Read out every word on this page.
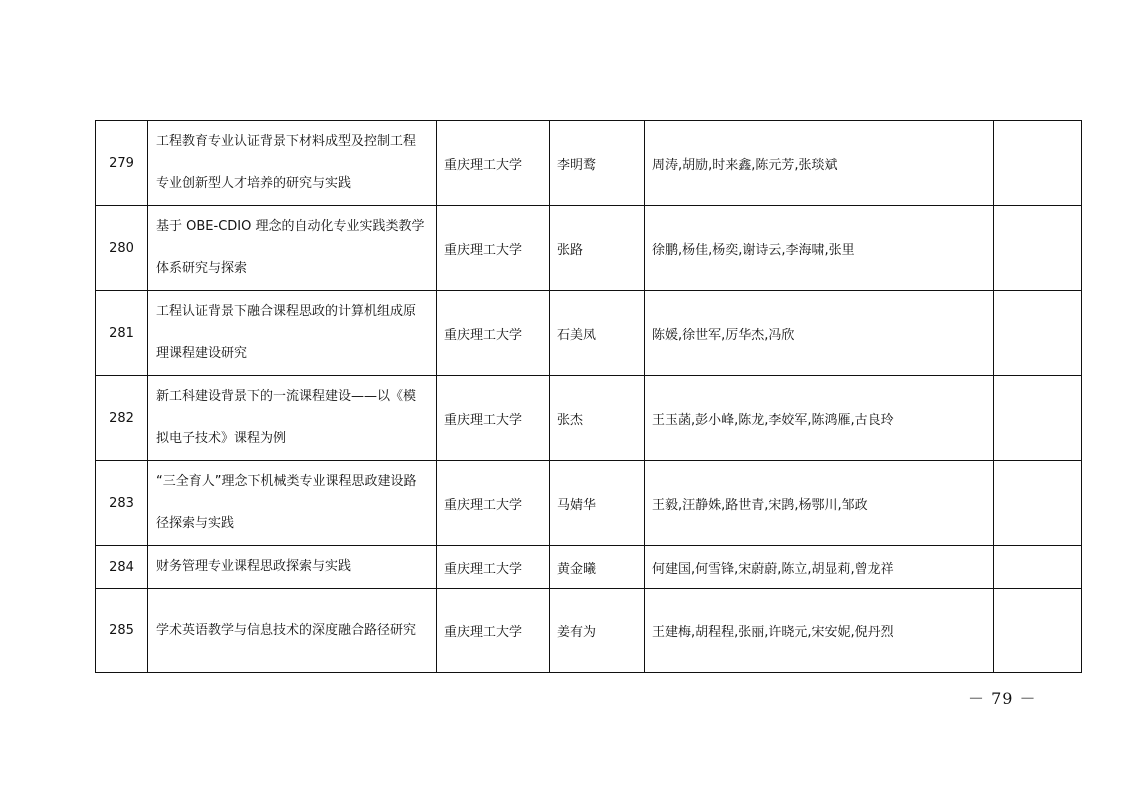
279	工程教育专业认证背景下材料成型及控制工程专业创新型人才培养的研究与实践	重庆理工大学	李明鹜	周涛,胡励,时来鑫,陈元芳,张琰斌	
280	基于 OBE-CDIO 理念的自动化专业实践类教学体系研究与探索	重庆理工大学	张路	徐鹏,杨佳,杨奕,谢诗云,李海啸,张里	
281	工程认证背景下融合课程思政的计算机组成原理课程建设研究	重庆理工大学	石美凤	陈媛,徐世军,厉华杰,冯欣	
282	新工科建设背景下的一流课程建设——以《模拟电子技术》课程为例	重庆理工大学	张杰	王玉菡,彭小峰,陈龙,李姣军,陈鸿雁,古良玲	
283	“三全育人”理念下机械类专业课程思政建设路径探索与实践	重庆理工大学	马婧华	王毅,汪静姝,路世青,宋鹍,杨鄂川,邹政	
284	财务管理专业课程思政探索与实践	重庆理工大学	黄金曦	何建国,何雪锋,宋蔚蔚,陈立,胡显莉,曾龙祥	
285	学术英语教学与信息技术的深度融合路径研究	重庆理工大学	姜有为	王建梅,胡程程,张丽,许晓元,宋安妮,倪丹烈	
－ 79 －
